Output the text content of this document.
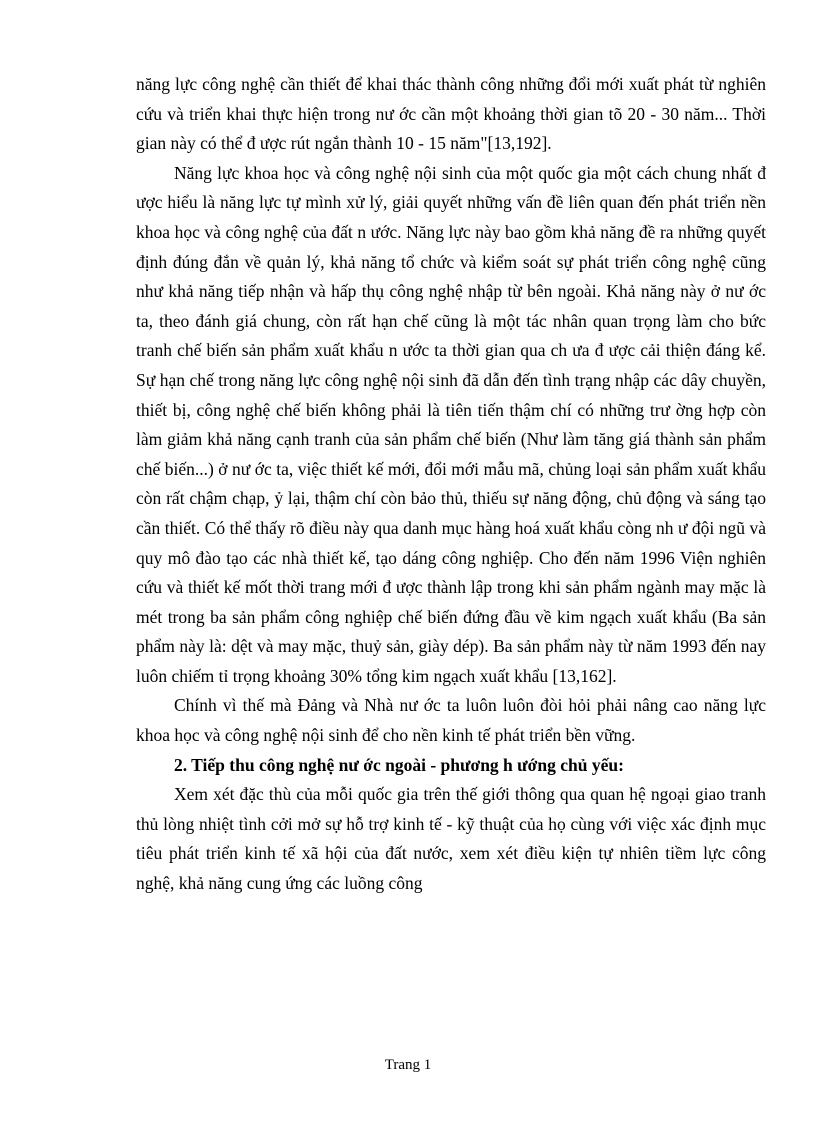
năng lực công nghệ cần thiết để khai thác thành công những đổi mới xuất phát từ nghiên cứu và triển khai thực hiện trong nư ớc cần một khoảng thời gian tõ 20 - 30 năm... Thời gian này có thể đ ược rút ngắn thành 10 - 15 năm"[13,192].

Năng lực khoa học và công nghệ nội sinh của một quốc gia một cách chung nhất đ ược hiểu là năng lực tự mình xử lý, giải quyết những vấn đề liên quan đến phát triển nền khoa học và công nghệ của đất n ước. Năng lực này bao gồm khả năng đề ra những quyết định đúng đắn về quản lý, khả năng tổ chức và kiểm soát sự phát triển công nghệ cũng như khả năng tiếp nhận và hấp thụ công nghệ nhập từ bên ngoài. Khả năng này ở nư ớc ta, theo đánh giá chung, còn rất hạn chế cũng là một tác nhân quan trọng làm cho bức tranh chế biến sản phẩm xuất khẩu n ước ta thời gian qua ch ưa đ ược cải thiện đáng kể. Sự hạn chế trong năng lực công nghệ nội sinh đã dẫn đến tình trạng nhập các dây chuyền, thiết bị, công nghệ chế biến không phải là tiên tiến thậm chí có những trư ờng hợp còn làm giảm khả năng cạnh tranh của sản phẩm chế biến (Như làm tăng giá thành sản phẩm chế biến...) ở nư ớc ta, việc thiết kế mới, đổi mới mẫu mã, chủng loại sản phẩm xuất khẩu còn rất chậm chạp, ỷ lại, thậm chí còn bảo thủ, thiếu sự năng động, chủ động và sáng tạo cần thiết. Có thể thấy rõ điều này qua danh mục hàng hoá xuất khẩu còng nh ư đội ngũ và quy mô đào tạo các nhà thiết kế, tạo dáng công nghiệp. Cho đến năm 1996 Viện nghiên cứu và thiết kế mốt thời trang mới đ ược thành lập trong khi sản phẩm ngành may mặc là mét trong ba sản phẩm công nghiệp chế biến đứng đầu về kim ngạch xuất khẩu (Ba sản phẩm này là: dệt và may mặc, thuỷ sản, giày dép). Ba sản phẩm này từ năm 1993 đến nay luôn chiếm tỉ trọng khoảng 30% tổng kim ngạch xuất khẩu [13,162].

Chính vì thế mà Đảng và Nhà nư ớc ta luôn luôn đòi hỏi phải nâng cao năng lực khoa học và công nghệ nội sinh để cho nền kinh tế phát triển bền vững.

2. Tiếp thu công nghệ nư ớc ngoài - phương h ướng chủ yếu:

Xem xét đặc thù của mỗi quốc gia trên thế giới thông qua quan hệ ngoại giao tranh thủ lòng nhiệt tình cởi mở sự hỗ trợ kinh tế - kỹ thuật của họ cùng với việc xác định mục tiêu phát triển kinh tế xã hội của đất nước, xem xét điều kiện tự nhiên tiềm lực công nghệ, khả năng cung ứng các luồng công

Trang 1
